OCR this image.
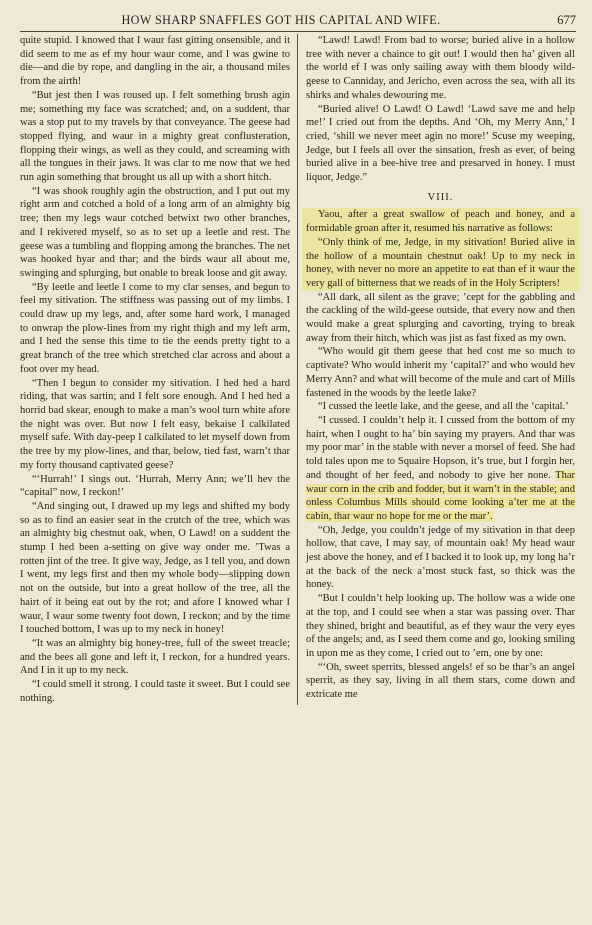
HOW SHARP SNAFFLES GOT HIS CAPITAL AND WIFE.	677

quite stupid. I knowed that I waur fast gitting onsensible, and it did seem to me as ef my hour waur come, and I was gwine to die—and die by rope, and dangling in the air, a thousand miles from the airth!

“But jest then I was roused up. I felt something brush agin me; something my face was scratched; and, on a suddent, thar was a stop put to my travels by that conveyance. The geese had stopped flying, and waur in a mighty great conflusteration, flopping their wings, as well as they could, and screaming with all the tongues in their jaws. It was clar to me now that we hed run agin something that brought us all up with a short hitch.

“I was shook roughly agin the obstruction, and I put out my right arm and cotched a hold of a long arm of an almighty big tree; then my legs waur cotched betwixt two other branches, and I rekivered myself, so as to set up a leetle and rest. The geese was a tumbling and flopping among the branches. The net was hooked hyar and thar; and the birds waur all about me, swinging and splurging, but onable to break loose and git away.

“By leetle and leetle I come to my clar senses, and begun to feel my sitivation. The stiffness was passing out of my limbs. I could draw up my legs, and, after some hard work, I managed to onwrap the plow-lines from my right thigh and my left arm, and I hed the sense this time to tie the eends pretty tight to a great branch of the tree which stretched clar across and about a foot over my head.

“Then I begun to consider my sitivation. I hed hed a hard riding, that was sartin; and I felt sore enough. And I hed hed a horrid bad skear, enough to make a man’s wool turn white afore the night was over. But now I felt easy, bekaise I calkilated myself safe. With day-peep I calkilated to let myself down from the tree by my plow-lines, and thar, below, tied fast, warn’t thar my forty thousand captivated geese?

“‘Hurrah!’ I sings out. ‘Hurrah, Merry Ann; we’ll hev the “capital” now, I reckon!’

“And singing out, I drawed up my legs and shifted my body so as to find an easier seat in the crutch of the tree, which was an almighty big chestnut oak, when, O Lawd! on a suddent the stump I hed been a-setting on give way onder me. ’Twas a rotten jint of the tree. It give way, Jedge, as I tell you, and down I went, my legs first and then my whole body—slipping down not on the outside, but into a great hollow of the tree, all the hairt of it being eat out by the rot; and afore I knowed whar I waur, I waur some twenty foot down, I reckon; and by the time I touched bottom, I was up to my neck in honey!

“It was an almighty big honey-tree, full of the sweet treacle; and the bees all gone and left it, I reckon, for a hundred years. And I in it up to my neck.

“I could smell it strong. I could taste it sweet. But I could see nothing.

“Lawd! Lawd! From bad to worse; buried alive in a hollow tree with never a chaince to git out! I would then ha’ given all the world ef I was only sailing away with them bloody wild-geese to Canniday, and Jericho, even across the sea, with all its shirks and whales dewouring me.

“Buried alive! O Lawd! O Lawd! ‘Lawd save me and help me!’ I cried out from the depths. And ‘Oh, my Merry Ann,’ I cried, ‘shill we never meet agin no more!’ Scuse my weeping, Jedge, but I feels all over the sinsation, fresh as ever, of being buried alive in a bee-hive tree and presarved in honey. I must liquor, Jedge.”

VIII.

Yaou, after a great swallow of peach and honey, and a formidable groan after it, resumed his narrative as follows:

“Only think of me, Jedge, in my sitivation! Buried alive in the hollow of a mountain chestnut oak! Up to my neck in honey, with never no more an appetite to eat than ef it waur the very gall of bitterness that we reads of in the Holy Scripters!

“All dark, all silent as the grave; ’cept for the gabbling and the cackling of the wild-geese outside, that every now and then would make a great splurging and cavorting, trying to break away from their hitch, which was jist as fast fixed as my own.

“Who would git them geese that hed cost me so much to captivate? Who would inherit my ‘capital?’ and who would hev Merry Ann? and what will become of the mule and cart of Mills fastened in the woods by the leetle lake?

“I cussed the leetle lake, and the geese, and all the ‘capital.’

“I cussed. I couldn’t help it. I cussed from the bottom of my hairt, when I ought to ha’ bin saying my prayers. And thar was my poor mar’ in the stable with never a morsel of feed. She had told tales upon me to Squaire Hopson, it’s true, but I forgin her, and thought of her feed, and nobody to give her none. Thar waur corn in the crib and fodder, but it warn’t in the stable; and onless Columbus Mills should come looking a’ter me at the cabin, thar waur no hope for me or the mar’.

“Oh, Jedge, you couldn’t jedge of my sitivation in that deep hollow, that cave, I may say, of mountain oak! My head waur jest above the honey, and ef I backed it to look up, my long ha’r at the back of the neck a’most stuck fast, so thick was the honey.

“But I couldn’t help looking up. The hollow was a wide one at the top, and I could see when a star was passing over. Thar they shined, bright and beautiful, as ef they waur the very eyes of the angels; and, as I seed them come and go, looking smiling in upon me as they come, I cried out to ’em, one by one:

“‘Oh, sweet sperrits, blessed angels! ef so be thar’s an angel sperrit, as they say, living in all them stars, come down and extricate me
